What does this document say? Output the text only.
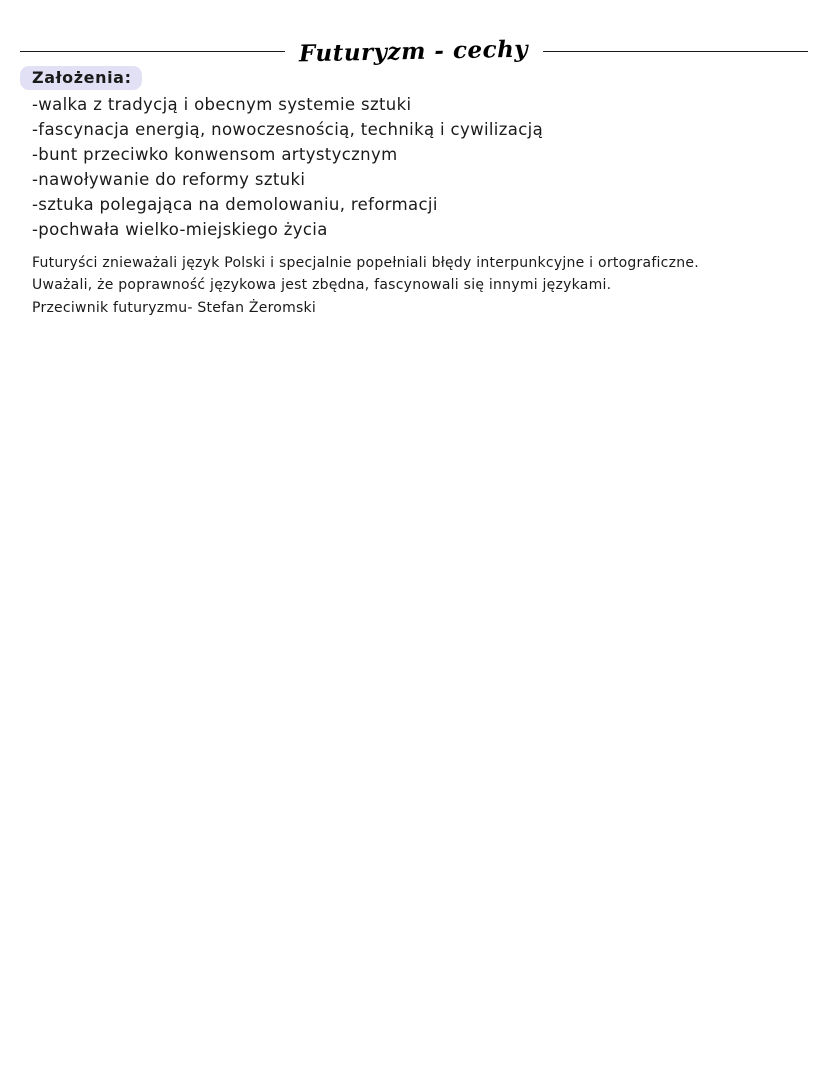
Futuryzm - cechy
Założenia:
-walka z tradycją i obecnym systemie sztuki
-fascynacja energią, nowoczesnością, techniką i cywilizacją
-bunt przeciwko konwensom artystycznym
-nawoływanie do reformy sztuki
-sztuka polegająca na demolowaniu, reformacji
-pochwała wielko-miejskiego życia

Futuryści znieważali język Polski i specjalnie popełniali błędy interpunkcyjne i ortograficzne. Uważali, że poprawność językowa jest zbędna, fascynowali się innymi językami.

Przeciwnik futuryzmu- Stefan Żeromski
